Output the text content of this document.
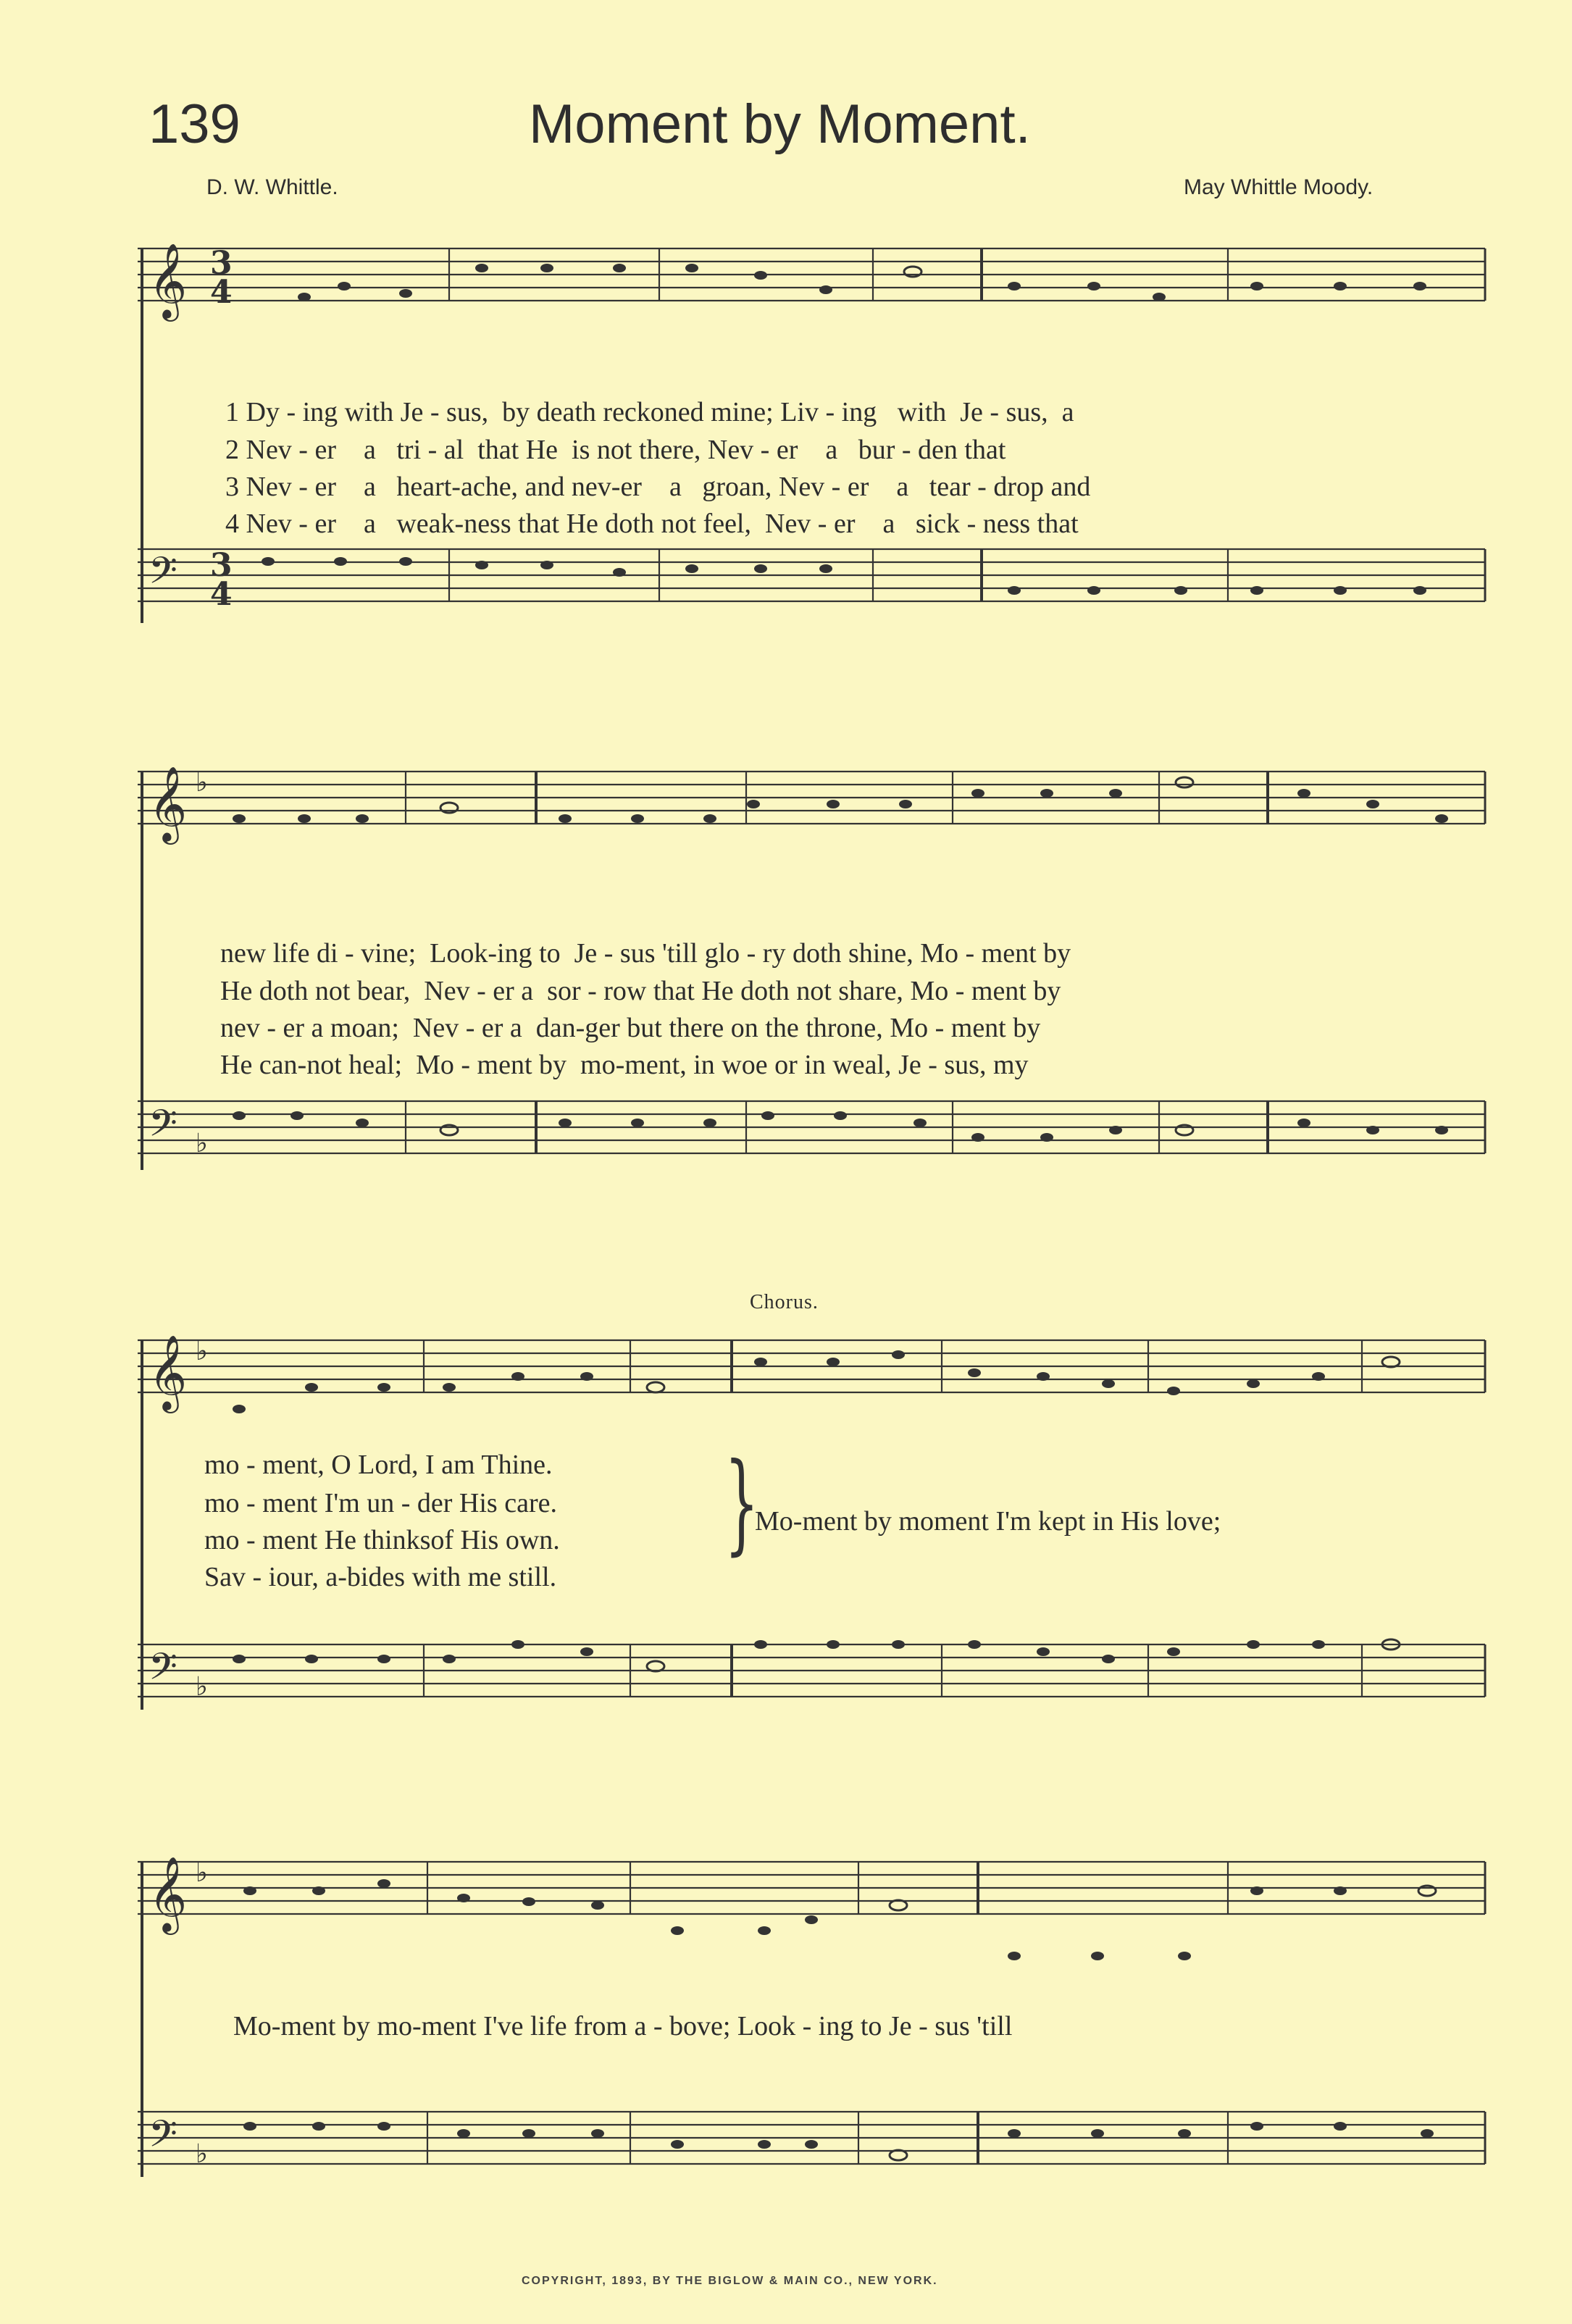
139	Moment by Moment.
D. W. Whittle.	May Whittle Moody.
𝄞 3
4
𝄢 3
4

1 Dy - ing with Je - sus, by death reckoned mine; Liv - ing with Je - sus, a

2 Nev - er a tri - al that He is not there, Nev - er a bur - den that

3 Nev - er a heart-ache, and nev-er a groan, Nev - er a tear - drop and

4 Nev - er a weak-ness that He doth not feel, Nev - er a sick - ness that

𝄞 ♭
𝄢 ♭

new life di - vine; Look-ing to Je - sus 'till glo - ry doth shine, Mo - ment by

He doth not bear, Nev - er a sor - row that He doth not share, Mo - ment by

nev - er a moan; Nev - er a dan-ger but there on the throne, Mo - ment by

He can-not heal; Mo - ment by mo-ment, in woe or in weal, Je - sus, my

Chorus.
𝄞 ♭
𝄢 ♭
mo - ment, O Lord, I am Thine.
mo - ment I'm un - der His care.
mo - ment He thinksof His own.
Sav - iour, a-bides with me still.
}
Mo-ment by moment I'm kept in His love;
𝄞 ♭
𝄢 ♭
Mo-ment by mo-ment I've life from a - bove; Look - ing to Je - sus 'till
COPYRIGHT, 1893, BY THE BIGLOW & MAIN CO., NEW YORK.
